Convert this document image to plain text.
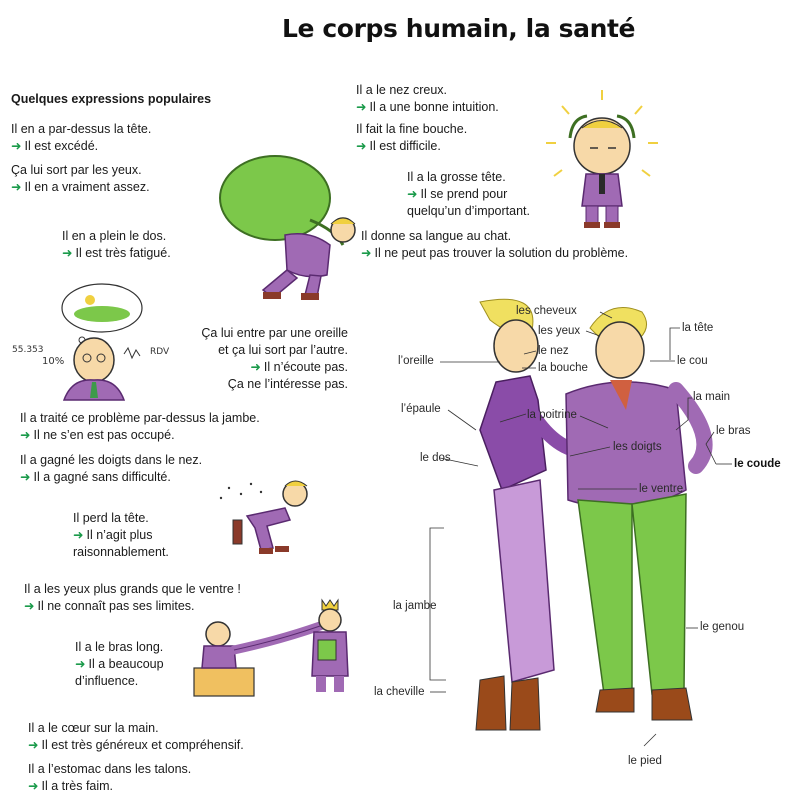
Le corps humain, la santé
Quelques expressions populaires
55.353
10%
RDV
Il en a par-dessus la tête.
➜ Il est excédé.
Ça lui sort par les yeux.
➜ Il en a vraiment assez.
Il en a plein le dos.
➜ Il est très fatigué.
Il a le nez creux.
➜ Il a une bonne intuition.
Il fait la fine bouche.
➜ Il est difficile.
Il a la grosse tête.
➜ Il se prend pour
quelqu’un d’important.
Il donne sa langue au chat.
➜ Il ne peut pas trouver la solution du problème.
Ça lui entre par une oreille
et ça lui sort par l’autre.
➜ Il n’écoute pas.
Ça ne l’intéresse pas.
Il a traité ce problème par-dessus la jambe.
➜ Il ne s’en est pas occupé.
Il a gagné les doigts dans le nez.
➜ Il a gagné sans difficulté.
Il perd la tête.
➜ Il n’agit plus
raisonnablement.
Il a les yeux plus grands que le ventre !
➜ Il ne connaît pas ses limites.
Il a le bras long.
➜ Il a beaucoup
d’influence.
Il a le cœur sur la main.
➜ Il est très généreux et compréhensif.
Il a l’estomac dans les talons.
➜ Il a très faim.
les cheveux
les yeux
le nez
la bouche
l’oreille
la tête
le cou
l’épaule	la poitrine
les doigts
la main
le bras
le coude
le dos
le ventre
la jambe
le genou
la cheville
le pied
